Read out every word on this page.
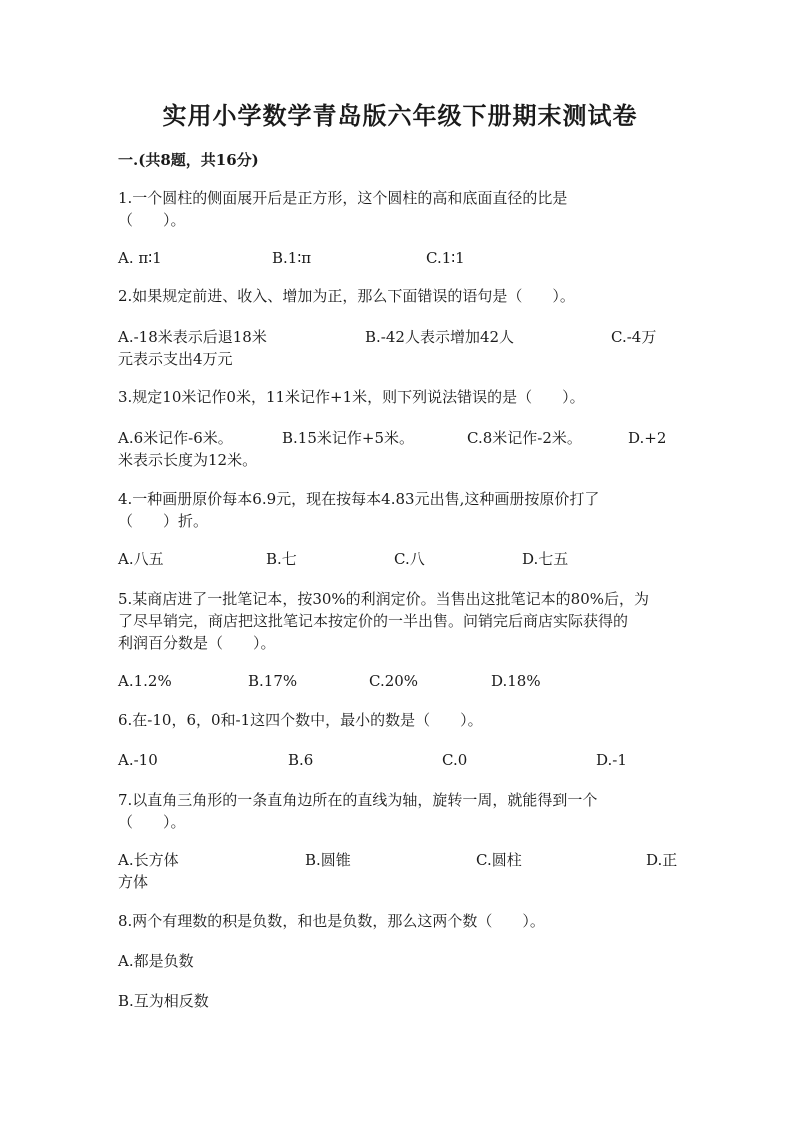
实用小学数学青岛版六年级下册期末测试卷
一.(共8题，共16分)
1.一个圆柱的侧面展开后是正方形，这个圆柱的高和底面直径的比是
（　　）。
A. π∶1	B.1∶π	C.1∶1
2.如果规定前进、收入、增加为正，那么下面错误的语句是（　　）。
A.-18米表示后退18米	B.-42人表示增加42人	C.-4万
元表示支出4万元
3.规定10米记作0米，11米记作+1米，则下列说法错误的是（　　）。
A.6米记作-6米。	B.15米记作+5米。	C.8米记作-2米。	D.+2
米表示长度为12米。
4.一种画册原价每本6.9元，现在按每本4.83元出售,这种画册按原价打了
（　　）折。
A.八五	B.七	C.八	D.七五
5.某商店进了一批笔记本，按30%的利润定价。当售出这批笔记本的80%后，为
了尽早销完，商店把这批笔记本按定价的一半出售。问销完后商店实际获得的
利润百分数是（　　）。
A.1.2%	B.17%	C.20%	D.18%
6.在-10，6，0和-1这四个数中，最小的数是（　　）。
A.-10	B.6	C.0	D.-1
7.以直角三角形的一条直角边所在的直线为轴，旋转一周，就能得到一个
（　　）。
A.长方体	B.圆锥	C.圆柱	D.正
方体
8.两个有理数的积是负数，和也是负数，那么这两个数（　　）。
A.都是负数
B.互为相反数
